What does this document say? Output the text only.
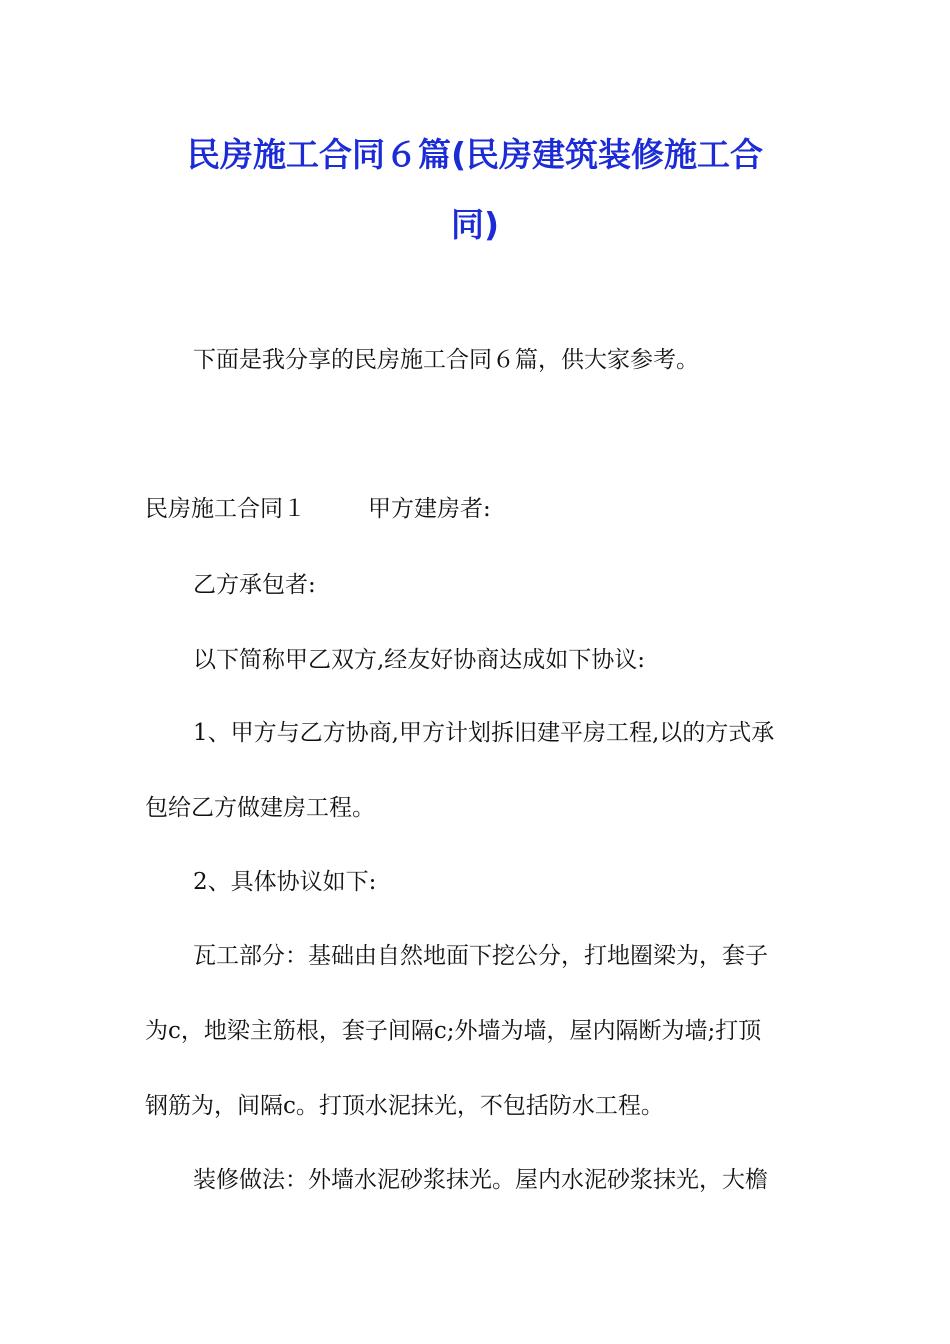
民房施工合同６篇(民房建筑装修施工合
同)
下面是我分享的民房施工合同６篇，供大家参考。
民房施工合同１	甲方建房者:
乙方承包者:
以下简称甲乙双方,经友好协商达成如下协议:
1、甲方与乙方协商,甲方计划拆旧建平房工程,以的方式承
包给乙方做建房工程。
2、具体协议如下:
瓦工部分：基础由自然地面下挖公分，打地圈梁为，套子
为c，地梁主筋根，套子间隔c;外墙为墙，屋内隔断为墙;打顶
钢筋为，间隔c。打顶水泥抹光，不包括防水工程。
装修做法：外墙水泥砂浆抹光。屋内水泥砂浆抹光，大檐
